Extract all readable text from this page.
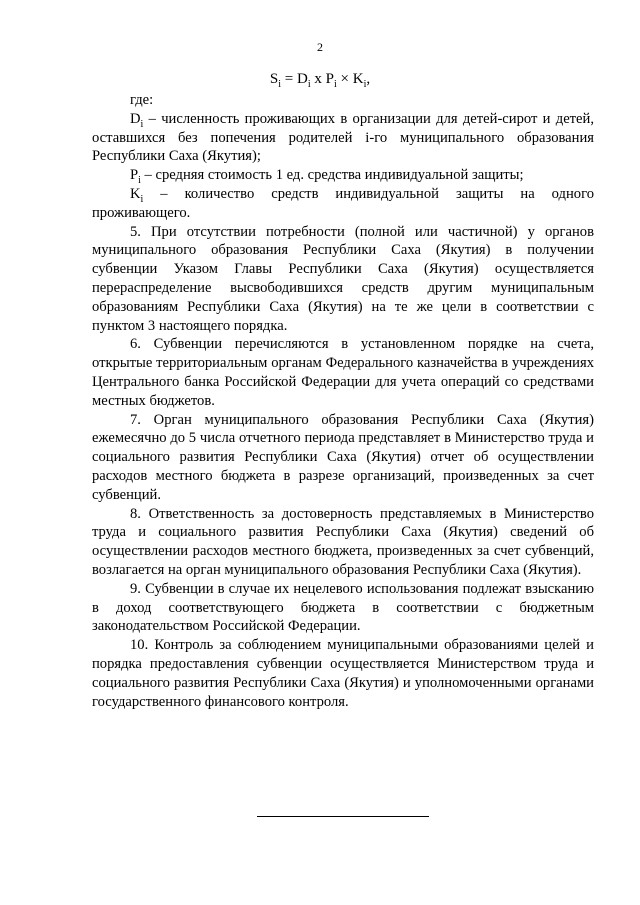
2
$S_i = D_i$ x $P_i \times K_i$,

где:

$D_i$ – численность проживающих в организации для детей-сирот и детей, оставшихся без попечения родителей i-го муниципального образования Республики Саха (Якутия);

$P_i$ – средняя стоимость 1 ед. средства индивидуальной защиты;

$K_i$ – количество средств индивидуальной защиты на одного проживающего.

5. При отсутствии потребности (полной или частичной) у органов муниципального образования Республики Саха (Якутия) в получении субвенции Указом Главы Республики Саха (Якутия) осуществляется перераспределение высвободившихся средств другим муниципальным образованиям Республики Саха (Якутия) на те же цели в соответствии с пунктом 3 настоящего порядка.

6. Субвенции перечисляются в установленном порядке на счета, открытые территориальным органам Федерального казначейства в учреждениях Центрального банка Российской Федерации для учета операций со средствами местных бюджетов.

7. Орган муниципального образования Республики Саха (Якутия) ежемесячно до 5 числа отчетного периода представляет в Министерство труда и социального развития Республики Саха (Якутия) отчет об осуществлении расходов местного бюджета в разрезе организаций, произведенных за счет субвенций.

8. Ответственность за достоверность представляемых в Министерство труда и социального развития Республики Саха (Якутия) сведений об осуществлении расходов местного бюджета, произведенных за счет субвенций, возлагается на орган муниципального образования Республики Саха (Якутия).

9. Субвенции в случае их нецелевого использования подлежат взысканию в доход соответствующего бюджета в соответствии с бюджетным законодательством Российской Федерации.

10. Контроль за соблюдением муниципальными образованиями целей и порядка предоставления субвенции осуществляется Министерством труда и социального развития Республики Саха (Якутия) и уполномоченными органами государственного финансового контроля.
